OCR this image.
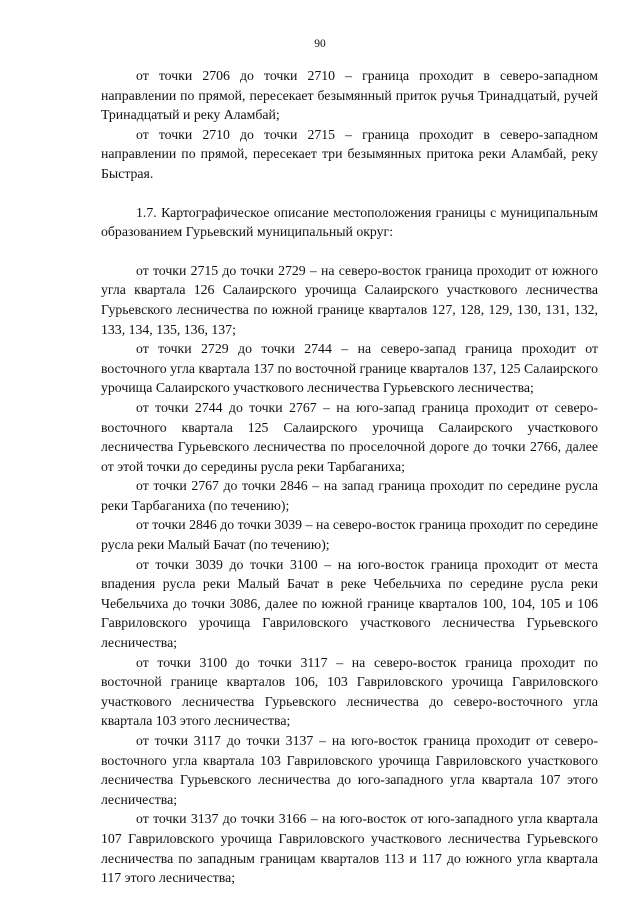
90

от точки 2706 до точки 2710 – граница проходит в северо-западном направлении по прямой, пересекает безымянный приток ручья Тринадцатый, ручей Тринадцатый и реку Аламбай;

от точки 2710 до точки 2715 – граница проходит в северо-западном направлении по прямой, пересекает три безымянных притока реки Аламбай, реку Быстрая.

1.7. Картографическое описание местоположения границы с муниципальным образованием Гурьевский муниципальный округ:

от точки 2715 до точки 2729 – на северо-восток граница проходит от южного угла квартала 126 Салаирского урочища Салаирского участкового лесничества Гурьевского лесничества по южной границе кварталов 127, 128, 129, 130, 131, 132, 133, 134, 135, 136, 137;

от точки 2729 до точки 2744 – на северо-запад граница проходит от восточного угла квартала 137 по восточной границе кварталов 137, 125 Салаирского урочища Салаирского участкового лесничества Гурьевского лесничества;

от точки 2744 до точки 2767 – на юго-запад граница проходит от северо-восточного квартала 125 Салаирского урочища Салаирского участкового лесничества Гурьевского лесничества по проселочной дороге до точки 2766, далее от этой точки до середины русла реки Тарбаганиха;

от точки 2767 до точки 2846 – на запад граница проходит по середине русла реки Тарбаганиха (по течению);

от точки 2846 до точки 3039 – на северо-восток граница проходит по середине русла реки Малый Бачат (по течению);

от точки 3039 до точки 3100 – на юго-восток граница проходит от места впадения русла реки Малый Бачат в реке Чебельчиха по середине русла реки Чебельчиха до точки 3086, далее по южной границе кварталов 100, 104, 105 и 106 Гавриловского урочища Гавриловского участкового лесничества Гурьевского лесничества;

от точки 3100 до точки 3117 – на северо-восток граница проходит по восточной границе кварталов 106, 103 Гавриловского урочища Гавриловского участкового лесничества Гурьевского лесничества до северо-восточного угла квартала 103 этого лесничества;

от точки 3117 до точки 3137 – на юго-восток граница проходит от северо-восточного угла квартала 103 Гавриловского урочища Гавриловского участкового лесничества Гурьевского лесничества до юго-западного угла квартала 107 этого лесничества;

от точки 3137 до точки 3166 – на юго-восток от юго-западного угла квартала 107 Гавриловского урочища Гавриловского участкового лесничества Гурьевского лесничества по западным границам кварталов 113 и 117 до южного угла квартала 117 этого лесничества;
